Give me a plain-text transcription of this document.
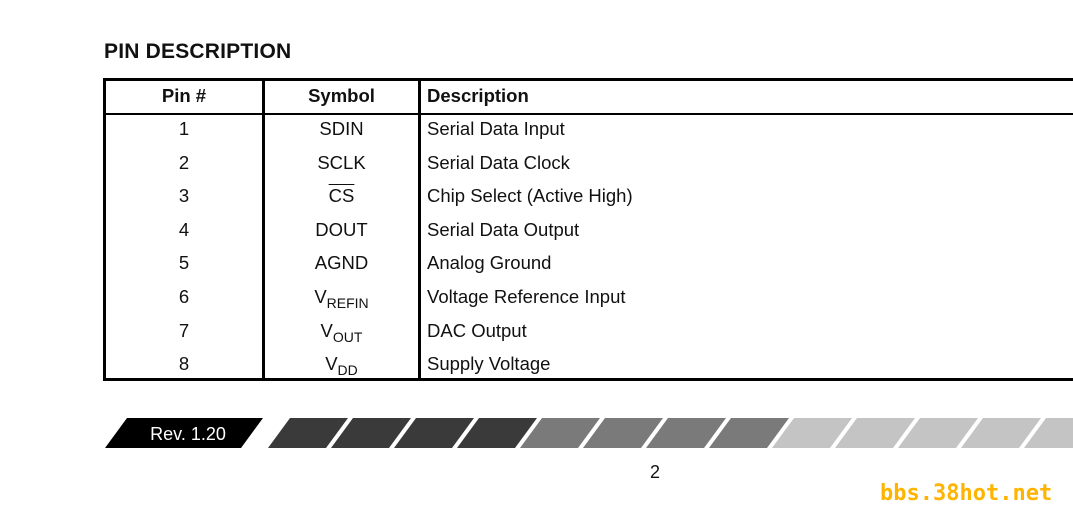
PIN DESCRIPTION
Pin #	Symbol	Description
1	SDIN	Serial Data Input
2	SCLK	Serial Data Clock
3	$\overline{CS}$	Chip Select (Active High)
4	DOUT	Serial Data Output
5	AGND	Analog Ground
6	$V_{REFIN}$	Voltage Reference Input
7	$V_{OUT}$	DAC Output
8	$V_{DD}$	Supply Voltage
Rev. 1.20
2
bbs.38hot.net
